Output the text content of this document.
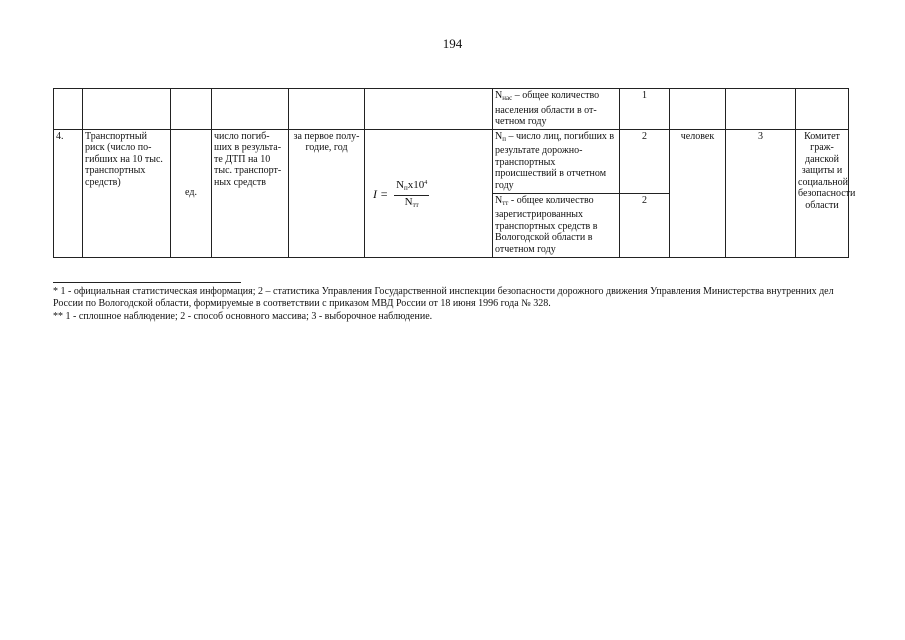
194
						$N_{нас}$ – общее количество населения области в от-четном году	1			
4.	Транспортный риск (число по-гибших на 10 тыс. транспортных средств)	ед.	число погиб-ших в результа-те ДТП на 10 тыс. транспорт-ных средств	за первое полу-годие, год	$I = \frac{N_пх10^4}{N_{тт}}$	$N_п$ – число лиц, погибших в результате дорожно-транспортных происшествий в отчетном году	2	человек	3	Комитет граж-данской защиты и социальной безопасности области
						$N_{тт}$ - общее количество зарегистрированных транспортных средств в Вологодской области в отчетном году	2			
* 1 - официальная статистическая информация; 2 – статистика Управления Государственной инспекции безопасности дорожного движения Управления Министерства внутренних дел России по Вологодской области, формируемые в соответствии с приказом МВД России от 18 июня 1996 года № 328.
** 1 - сплошное наблюдение; 2 - способ основного массива; 3 - выборочное наблюдение.
